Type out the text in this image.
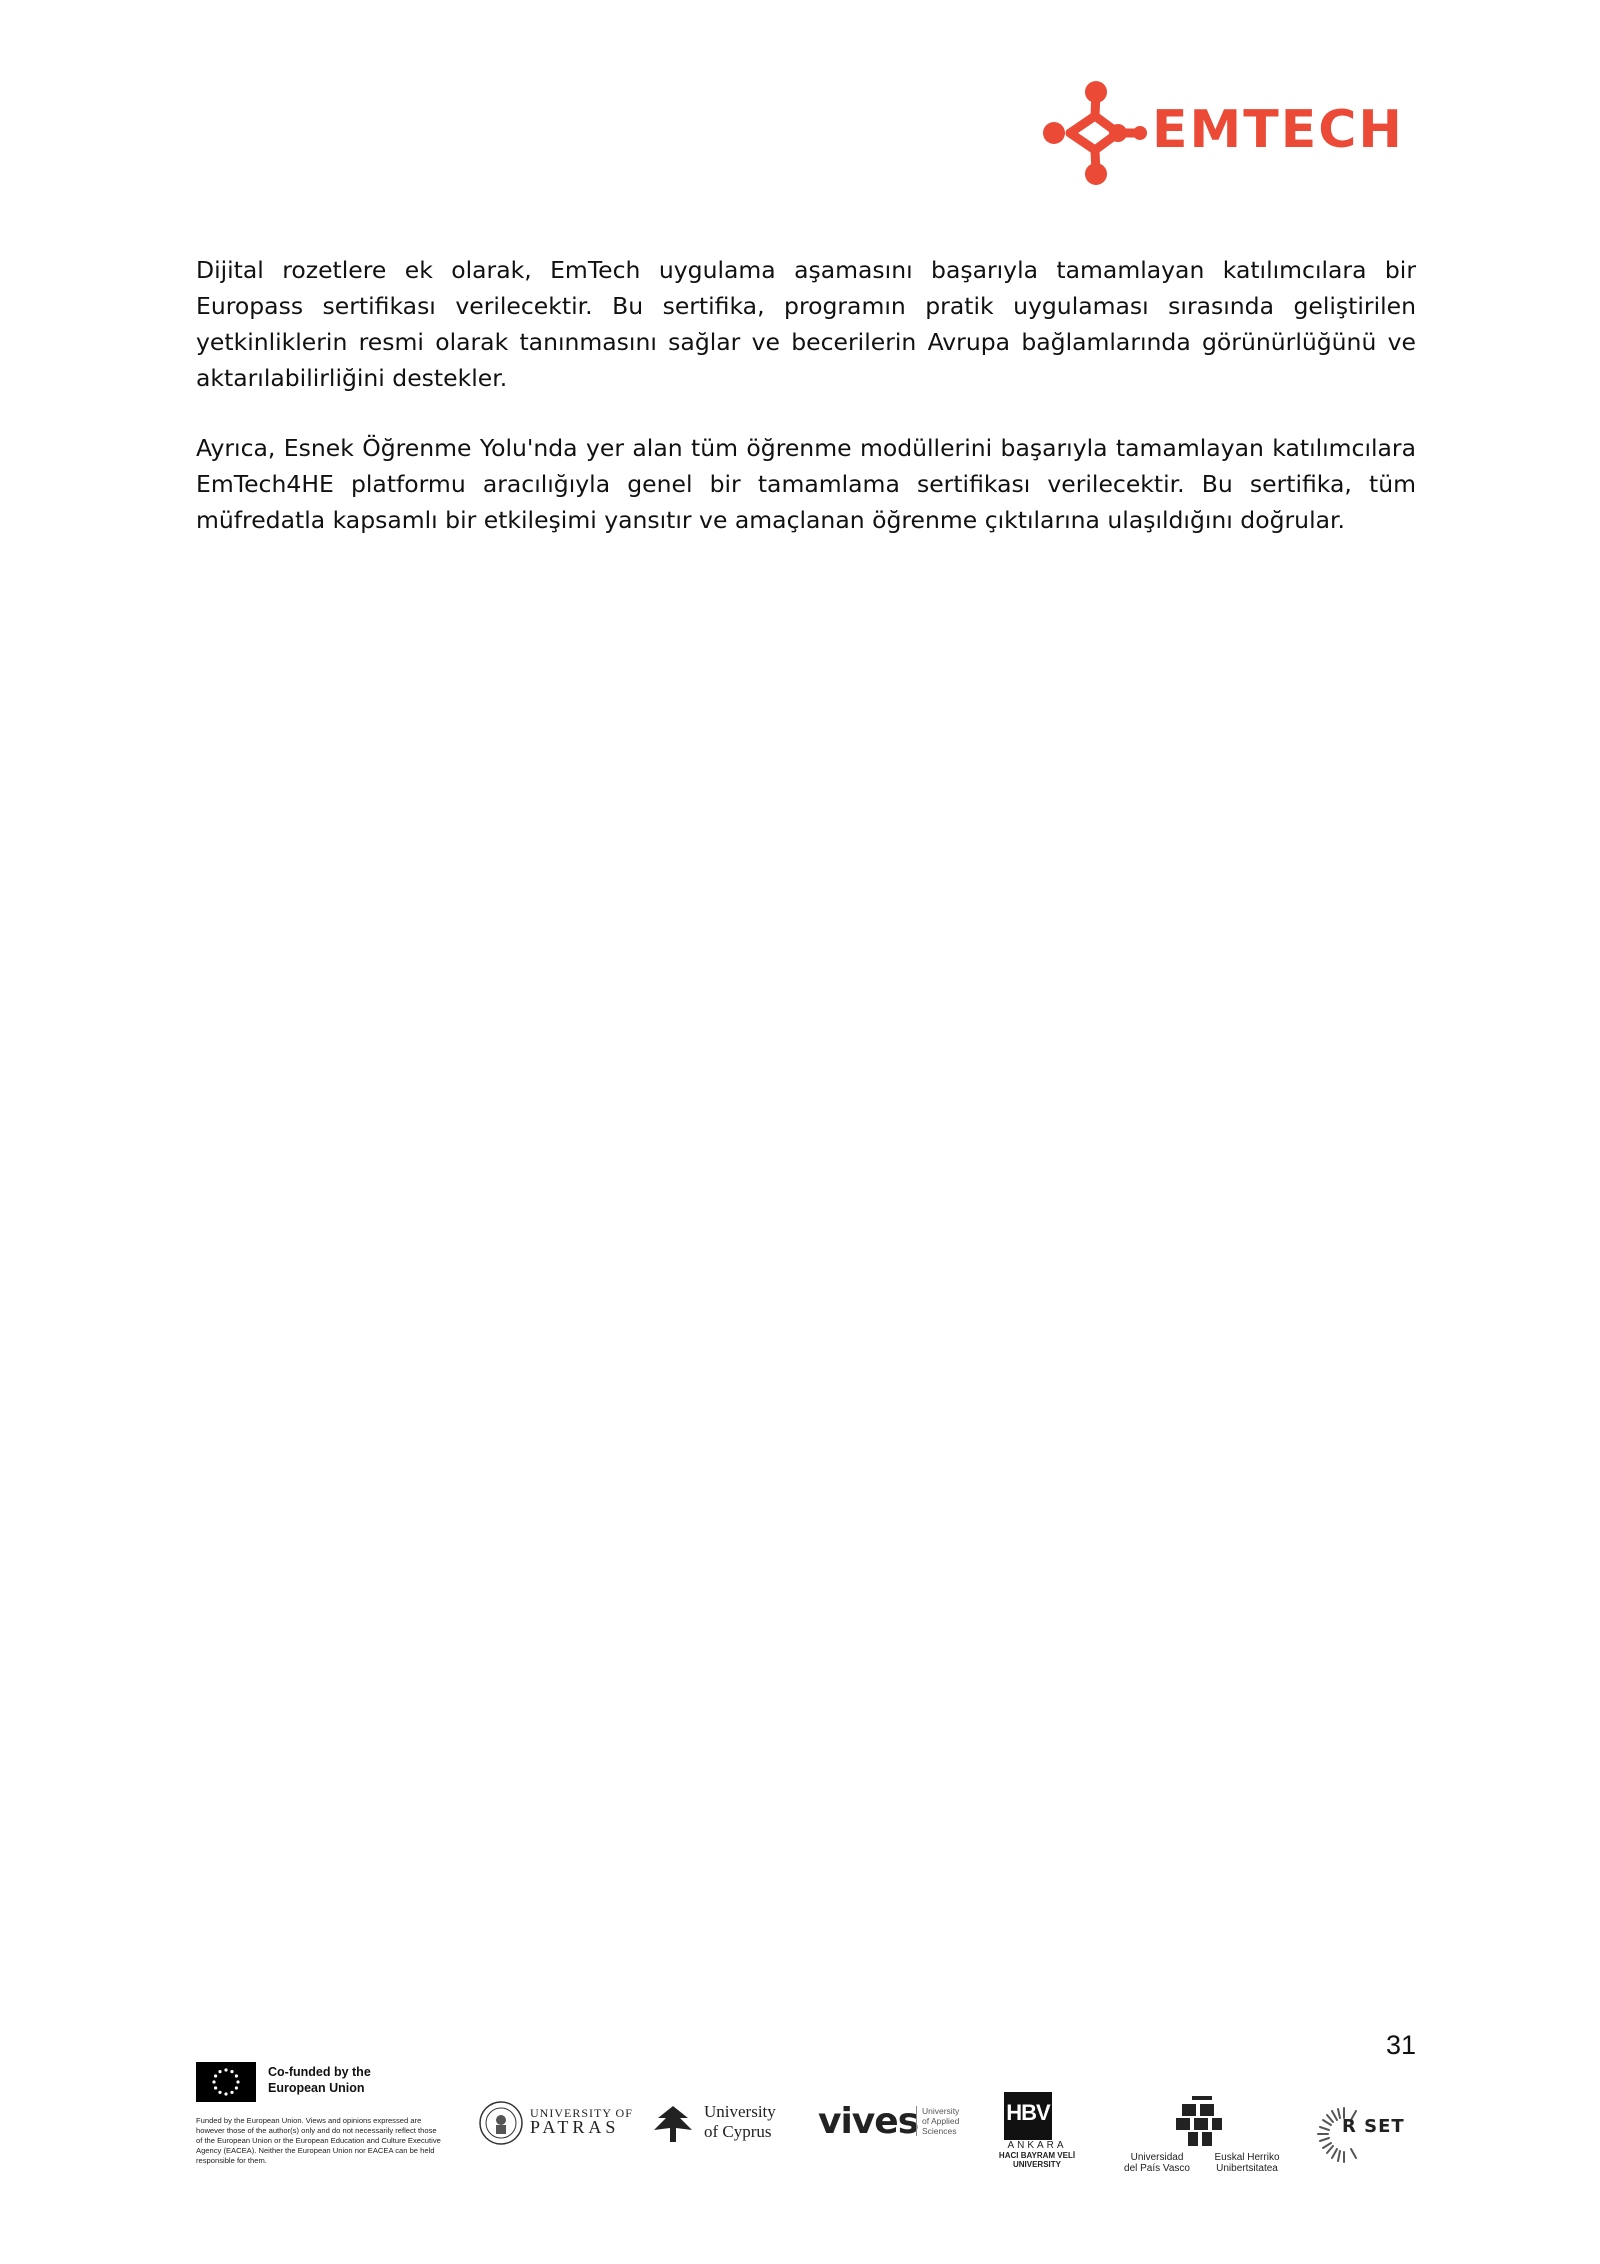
EMTECH

Dijital rozetlere ek olarak, EmTech uygulama aşamasını başarıyla tamamlayan katılımcılara bir Europass sertifikası verilecektir. Bu sertifika, programın pratik uygulaması sırasında geliştirilen yetkinliklerin resmi olarak tanınmasını sağlar ve becerilerin Avrupa bağlamlarında görünürlüğünü ve aktarılabilirliğini destekler.

Ayrıca, Esnek Öğrenme Yolu'nda yer alan tüm öğrenme modüllerini başarıyla tamamlayan katılımcılara EmTech4HE platformu aracılığıyla genel bir tamamlama sertifikası verilecektir. Bu sertifika, tüm müfredatla kapsamlı bir etkileşimi yansıtır ve amaçlanan öğrenme çıktılarına ulaşıldığını doğrular.

31
Co-funded by the European Union
Funded by the European Union. Views and opinions expressed are however those of the author(s) only and do not necessarily reflect those of the European Union or the European Education and Culture Executive Agency (EACEA). Neither the European Union nor EACEA can be held responsible for them.
UNIVERSITY OF
PATRAS
University
of Cyprus vives University
of Applied
Sciences
HBV
ANKARA
HACI BAYRAM VELİ
UNIVERSITY
Universidad
del País Vasco
Euskal Herriko
Unibertsitatea
R SET
